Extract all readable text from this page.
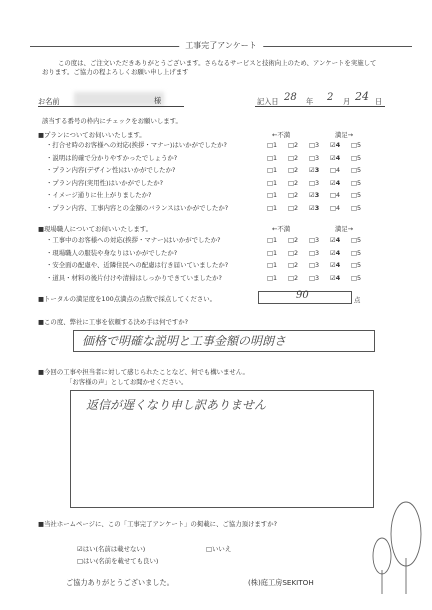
工事完了アンケート
この度は、ご注文いただきありがとうございます。さらなるサービスと技術向上のため、アンケートを実施して
おります。ご協力の程よろしくお願い申し上げます
お名前	様	記入日 28 年 2 月 24 日
該当する番号の枠内にチェックをお願いします。
■プランについてお伺いいたします。	←不満	満足→
・打合せ時のお客様への対応(挨拶・マナー)はいかがでしたか?	□1	□2	□3	☑4	□5
・説明は的確で分かりやすかったでしょうか?	□1	□2	□3	☑4	□5
・プラン内容(デザイン性)はいかがでしたか?	□1	□2	☑3	□4	□5
・プラン内容(実用性)はいかがでしたか?	□1	□2	□3	☑4	□5
・イメージ通りに仕上がりましたか?	□1	□2	☑3	□4	□5
・プラン内容、工事内容との金額のバランスはいかがでしたか?	□1	□2	☑3	□4	□5
■現場職人についてお伺いいたします。	←不満	満足→
・工事中のお客様への対応(挨拶・マナー)はいかがでしたか?	□1	□2	□3	☑4	□5
・現場職人の服装や身なりはいかがでしたか?	□1	□2	□3	☑4	□5
・安全面の配慮や、近隣住民への配慮は行き届いていましたか?	□1	□2	□3	☑4	□5
・道具・材料の後片付けや清掃はしっかりできていましたか?	□1	□2	□3	☑4	□5
■トータルの満足度を100点満点の点数で採点してください。	90	点
■この度、弊社に工事を依頼する決め手は何ですか?
価格で明確な説明と工事金額の明朗さ
■今回の工事や担当者に対して感じられたことなど、何でも構いません。
「お客様の声」としてお聞かせください。
返信が遅くなり申し訳ありません
■当社ホームページに、この「工事完了アンケート」の掲載に、ご協力頂けますか?
☑はい(名前は載せない)
□はい(名前を載せても良い)
□いいえ
ご協力ありがとうございました。	(株)庭工房SEKITOH
